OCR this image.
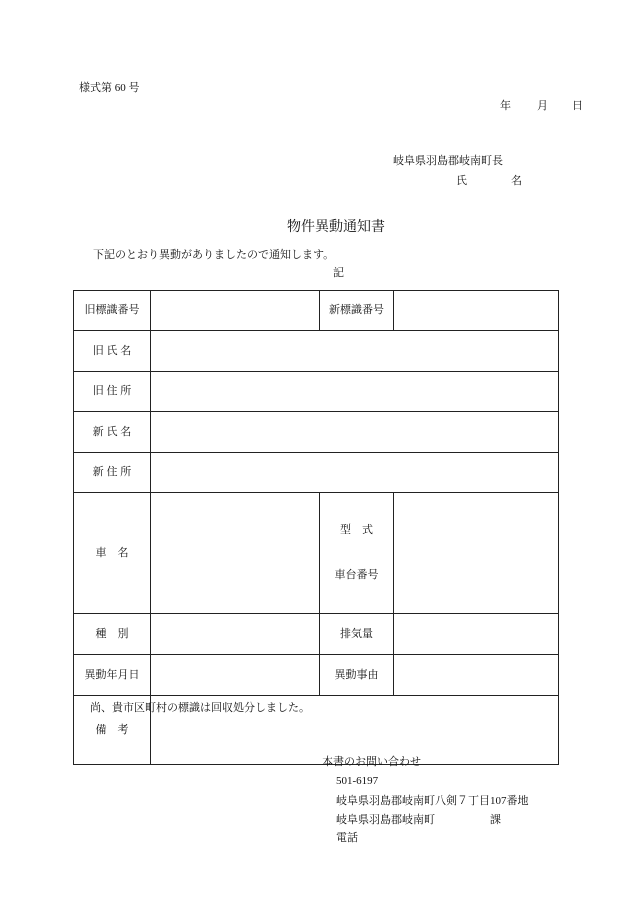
様式第 60 号
年 月 日
岐阜県羽島郡岐南町長
氏　　　　名
物件異動通知書
下記のとおり異動がありましたので通知します。
記
旧標識番号		新標識番号	
旧 氏 名			
旧 住 所			
新 氏 名			
新 住 所			
車　名		型　式

車台番号	

種　別		排気量	
異動年月日		異動事由	
備　考			
尚、貴市区町村の標識は回収処分しました。
本書のお問い合わせ
501-6197
岐阜県羽島郡岐南町八剣７丁目107番地
岐阜県羽島郡岐南町　　　　　課
電話
